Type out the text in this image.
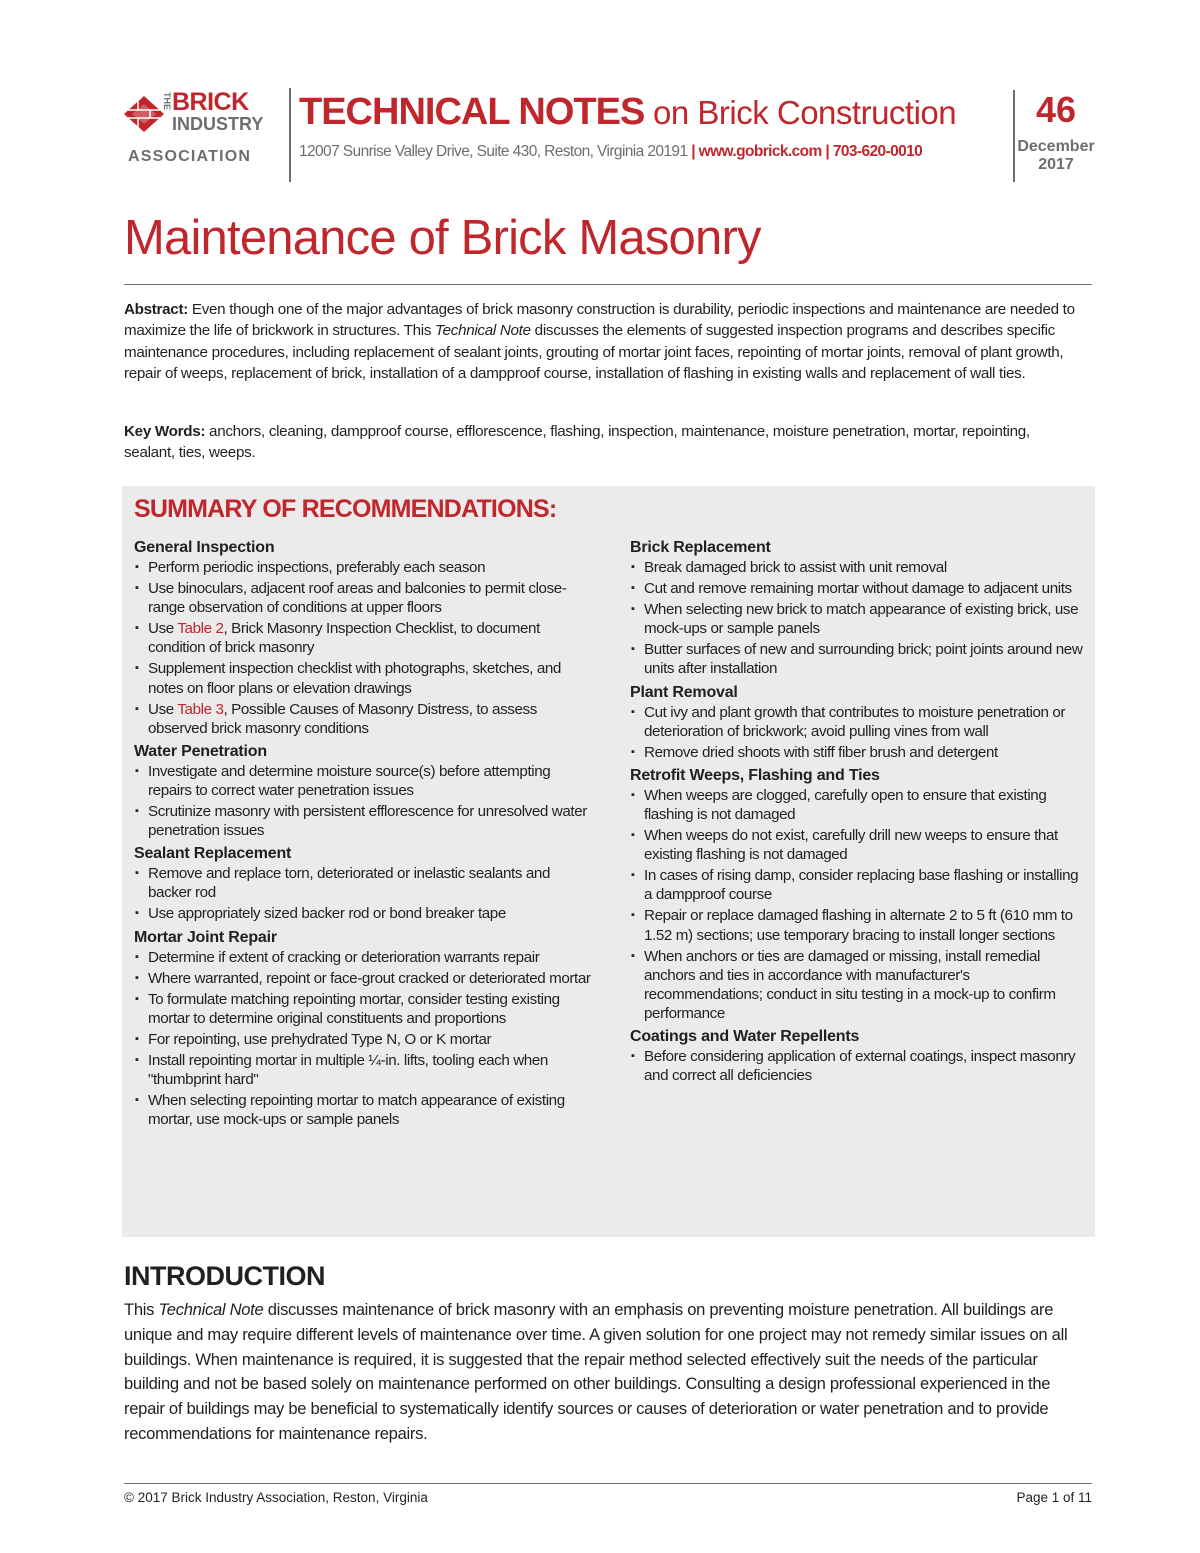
THE BRICK
INDUSTRY
ASSOCIATION
TECHNICAL NOTES on Brick Construction
12007 Sunrise Valley Drive, Suite 430, Reston, Virginia 20191 | www.gobrick.com | 703-620-0010
46
December
2017
Maintenance of Brick Masonry

Abstract: Even though one of the major advantages of brick masonry construction is durability, periodic inspections and maintenance are needed to maximize the life of brickwork in structures. This Technical Note discusses the elements of suggested inspection programs and describes specific maintenance procedures, including replacement of sealant joints, grouting of mortar joint faces, repointing of mortar joints, removal of plant growth, repair of weeps, replacement of brick, installation of a dampproof course, installation of flashing in existing walls and replacement of wall ties.

Key Words: anchors, cleaning, dampproof course, efflorescence, flashing, inspection, maintenance, moisture penetration, mortar, repointing, sealant, ties, weeps.

SUMMARY OF RECOMMENDATIONS:
General Inspection
▪ Perform periodic inspections, preferably each season
▪ Use binoculars, adjacent roof areas and balconies to permit close-range observation of conditions at upper floors
▪ Use Table 2, Brick Masonry Inspection Checklist, to document condition of brick masonry
▪ Supplement inspection checklist with photographs, sketches, and notes on floor plans or elevation drawings
▪ Use Table 3, Possible Causes of Masonry Distress, to assess observed brick masonry conditions
Water Penetration
▪ Investigate and determine moisture source(s) before attempting repairs to correct water penetration issues
▪ Scrutinize masonry with persistent efflorescence for unresolved water penetration issues
Sealant Replacement
▪ Remove and replace torn, deteriorated or inelastic sealants and backer rod
▪ Use appropriately sized backer rod or bond breaker tape
Mortar Joint Repair
▪ Determine if extent of cracking or deterioration warrants repair
▪ Where warranted, repoint or face-grout cracked or deteriorated mortar
▪ To formulate matching repointing mortar, consider testing existing mortar to determine original constituents and proportions
▪ For repointing, use prehydrated Type N, O or K mortar
▪ Install repointing mortar in multiple ¼-in. lifts, tooling each when "thumbprint hard"
▪ When selecting repointing mortar to match appearance of existing mortar, use mock-ups or sample panels
Brick Replacement
▪ Break damaged brick to assist with unit removal
▪ Cut and remove remaining mortar without damage to adjacent units
▪ When selecting new brick to match appearance of existing brick, use mock-ups or sample panels
▪ Butter surfaces of new and surrounding brick; point joints around new units after installation
Plant Removal
▪ Cut ivy and plant growth that contributes to moisture penetration or deterioration of brickwork; avoid pulling vines from wall
▪ Remove dried shoots with stiff fiber brush and detergent
Retrofit Weeps, Flashing and Ties
▪ When weeps are clogged, carefully open to ensure that existing flashing is not damaged
▪ When weeps do not exist, carefully drill new weeps to ensure that existing flashing is not damaged
▪ In cases of rising damp, consider replacing base flashing or installing a dampproof course
▪ Repair or replace damaged flashing in alternate 2 to 5 ft (610 mm to 1.52 m) sections; use temporary bracing to install longer sections
▪ When anchors or ties are damaged or missing, install remedial anchors and ties in accordance with manufacturer's recommendations; conduct in situ testing in a mock-up to confirm performance
Coatings and Water Repellents
▪ Before considering application of external coatings, inspect masonry and correct all deficiencies
INTRODUCTION

This Technical Note discusses maintenance of brick masonry with an emphasis on preventing moisture penetration. All buildings are unique and may require different levels of maintenance over time. A given solution for one project may not remedy similar issues on all buildings. When maintenance is required, it is suggested that the repair method selected effectively suit the needs of the particular building and not be based solely on maintenance performed on other buildings. Consulting a design professional experienced in the repair of buildings may be beneficial to systematically identify sources or causes of deterioration or water penetration and to provide recommendations for maintenance repairs.

© 2017 Brick Industry Association, Reston, Virginia	Page 1 of 11
